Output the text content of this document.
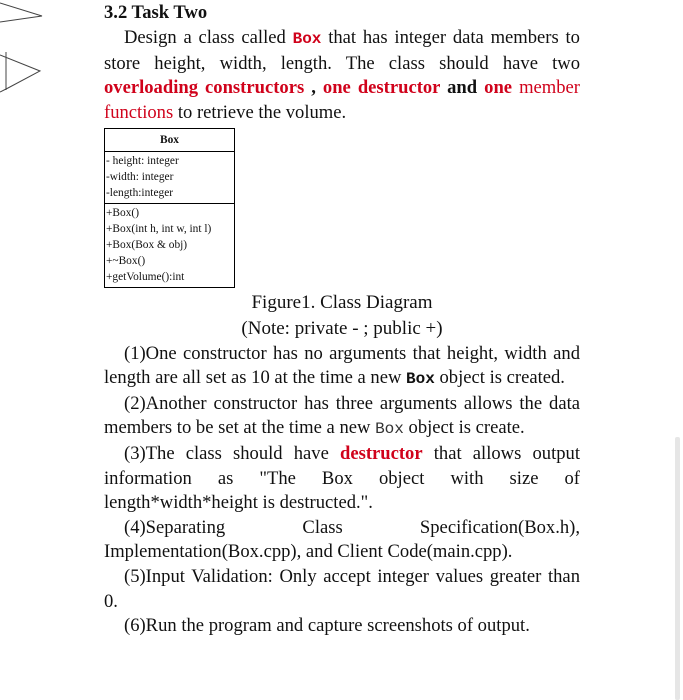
3.2 Task Two

Design a class called Box that has integer data members to store height, width, length. The class should have two overloading constructors , one destructor and one member functions to retrieve the volume.

Box
- height: integer
-width: integer
-length:integer
+Box()
+Box(int h, int w, int l)
+Box(Box & obj)
+~Box()
+getVolume():int

Figure1. Class Diagram

(Note: private - ; public +)

(1)One constructor has no arguments that height, width and length are all set as 10 at the time a new Box object is created.

(2)Another constructor has three arguments allows the data members to be set at the time a new Box object is create.

(3)The class should have destructor that allows output information as "The Box object with size of length*width*height is destructed.".

(4)Separating Class Specification(Box.h), Implementation(Box.cpp), and Client Code(main.cpp).

(5)Input Validation: Only accept integer values greater than 0.

(6)Run the program and capture screenshots of output.
